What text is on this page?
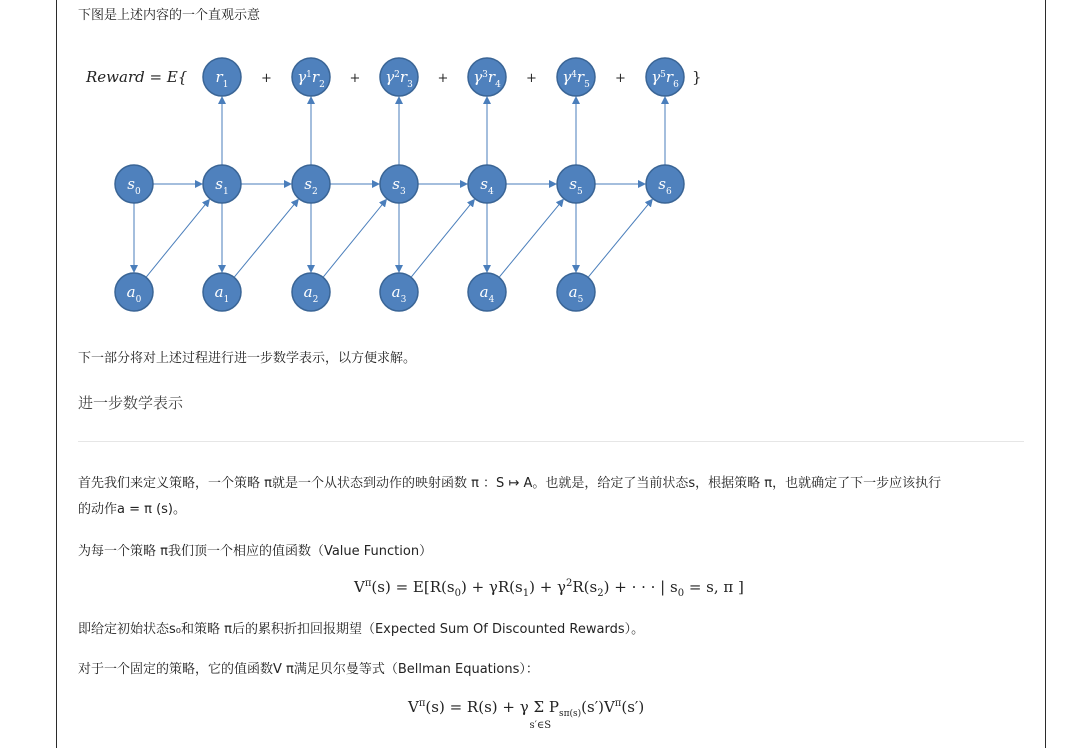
下图是上述内容的一个直观示意
$r_1$	$\gamma^1r_2$	$\gamma^2r_3$	$\gamma^3r_4$	$\gamma^4r_5$	$\gamma^5r_6$
$s_0$	$s_1$	$s_2$	$s_3$	$s_4$	$s_5$	$s_6$
$a_0$	$a_1$	$a_2$	$a_3$	$a_4$	$a_5$
Reward = E{	+	+	+	+	+	}
下一部分将对上述过程进行进一步数学表示，以方便求解。
进一步数学表示
首先我们来定义策略，一个策略 π就是一个从状态到动作的映射函数 π ：S ↦ A。也就是，给定了当前状态s，根据策略 π，也就确定了下一步应该执行
的动作a = π (s)。
为每一个策略 π我们顶一个相应的值函数（Value Function）
$V^\pi(s) = E[R(s_0) + \gamma R(s_1) + \gamma^2R(s_2)$ + · · · | $s_0 = s$, π ]
即给定初始状态s₀和策略 π后的累积折扣回报期望（Expected Sum Of Discounted Rewards）。
对于一个固定的策略，它的值函数V π满足贝尔曼等式（Bellman Equations）：
$V^\pi(s) = R(s) + \gamma$ Σ
s′∈S
$P_{s\pi(s)}(s')V^\pi(s')$
